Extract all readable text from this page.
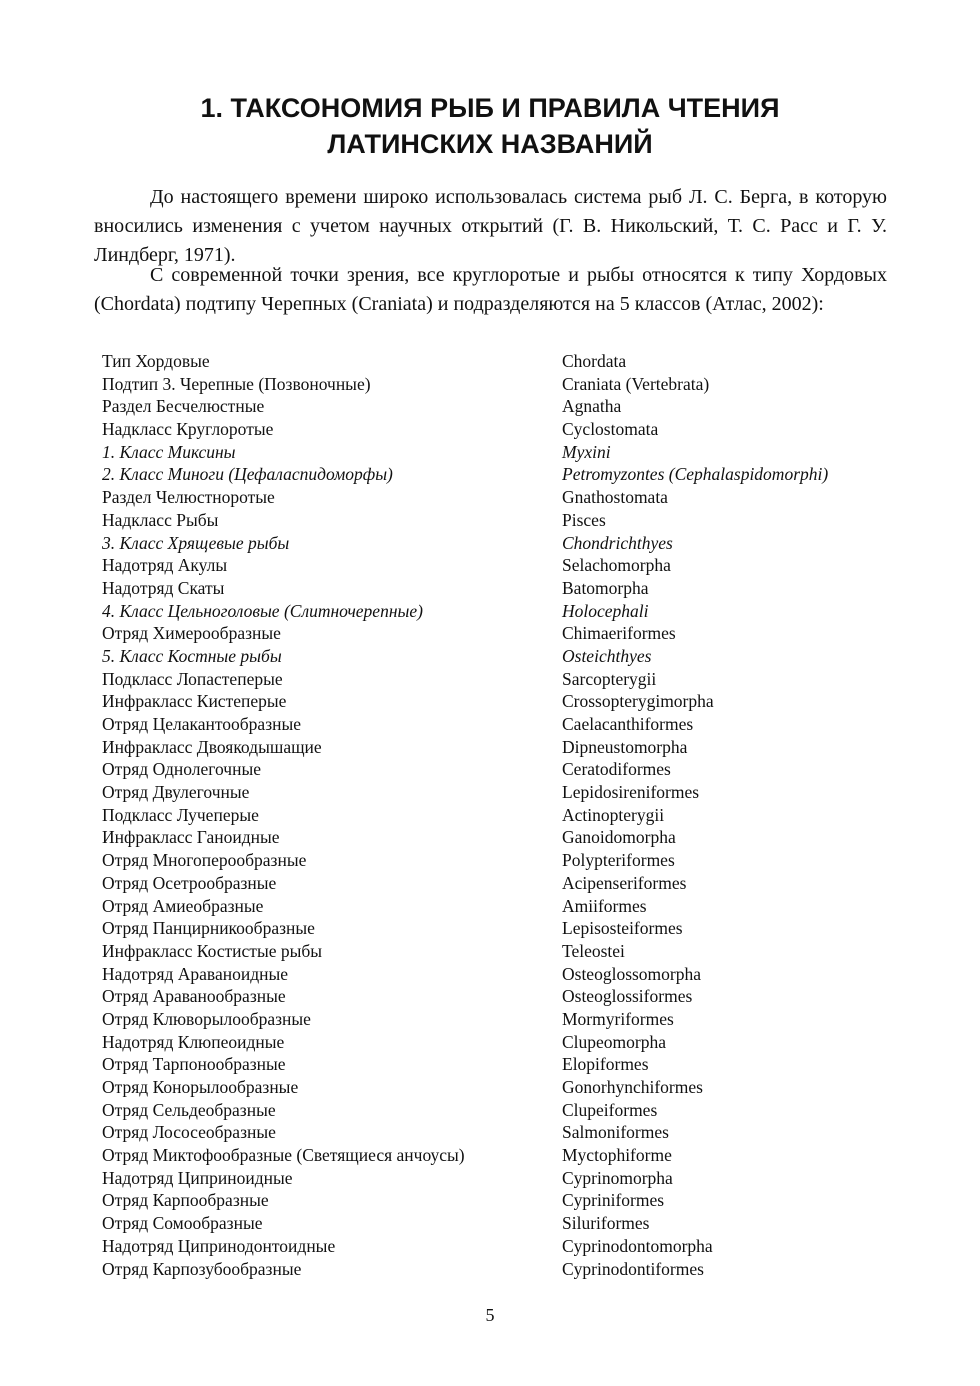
1. ТАКСОНОМИЯ РЫБ И ПРАВИЛА ЧТЕНИЯ
ЛАТИНСКИХ НАЗВАНИЙ

До настоящего времени широко использовалась система рыб Л. С. Берга, в которую вносились изменения с учетом научных открытий (Г. В. Никольский, Т. С. Расс и Г. У. Линдберг, 1971).

С современной точки зрения, все круглоротые и рыбы относятся к типу Хордовых (Chordata) подтипу Черепных (Craniata) и подразделяются на 5 классов (Атлас, 2002):

Тип Хордовые	Chordata
Подтип 3. Черепные (Позвоночные)	Craniata (Vertebrata)
Раздел Бесчелюстные	Agnatha
Надкласс Круглоротые	Cyclostomata
1. Класс Миксины	Myxini
2. Класс Миноги (Цефаласпидоморфы)	Petromyzontes (Cephalaspidomorphi)
Раздел Челюстноротые	Gnathostomata
Надкласс Рыбы	Pisces
3. Класс Хрящевые рыбы	Chondrichthyes
Надотряд Акулы	Selachomorpha
Надотряд Скаты	Batomorpha
4. Класс Цельноголовые (Слитночерепные)	Holocephali
Отряд Химерообразные	Chimaeriformes
5. Класс Костные рыбы	Osteichthyes
Подкласс Лопастеперые	Sarcopterygii
Инфракласс Кистеперые	Crossopterygimorpha
Отряд Целакантообразные	Caelacanthiformes
Инфракласс Двоякодышащие	Dipneustomorpha
Отряд Однолегочные	Ceratodiformes
Отряд Двулегочные	Lepidosireniformes
Подкласс Лучеперые	Actinopterygii
Инфракласс Ганоидные	Ganoidomorpha
Отряд Многоперообразные	Polypteriformes
Отряд Осетрообразные	Acipenseriformes
Отряд Амиеобразные	Amiiformes
Отряд Панцирникообразные	Lepisosteiformes
Инфракласс Костистые рыбы	Teleostei
Надотряд Араваноидные	Osteoglossomorpha
Отряд Араванообразные	Osteoglossiformes
Отряд Клюворылообразные	Mormyriformes
Надотряд Клюпеоидные	Clupeomorpha
Отряд Тарпонообразные	Elopiformes
Отряд Конорылообразные	Gonorhynchiformes
Отряд Сельдеобразные	Clupeiformes
Отряд Лососеобразные	Salmoniformes
Отряд Миктофообразные (Светящиеся анчоусы)	Myctophiforme
Надотряд Циприноидные	Cyprinomorpha
Отряд Карпообразные	Cypriniformes
Отряд Сомообразные	Siluriformes
Надотряд Ципринодонтоидные	Cyprinodontomorpha
Отряд Карпозубообразные	Cyprinodontiformes
5
